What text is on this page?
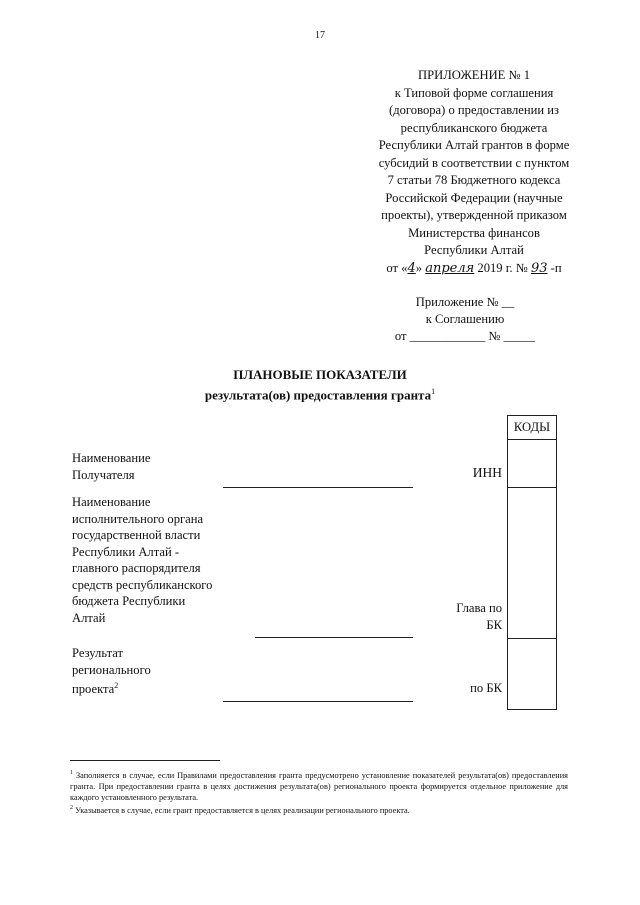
17
ПРИЛОЖЕНИЕ № 1
к Типовой форме соглашения
(договора) о предоставлении из
республиканского бюджета
Республики Алтай грантов в форме
субсидий в соответствии с пунктом
7 статьи 78 Бюджетного кодекса
Российской Федерации (научные
проекты), утвержденной приказом
Министерства финансов
Республики Алтай
от «4» апреля 2019 г. № 93 -п
Приложение № __
к Соглашению
от ____________ № _____
ПЛАНОВЫЕ ПОКАЗАТЕЛИ
результата(ов) предоставления гранта$^1$
КОДЫ
Наименование
Получателя	ИНН
Наименование
исполнительного органа
государственной власти
Республики Алтай -
главного распорядителя
средств республиканского
бюджета Республики
Алтай
Глава по
БК
Результат
регионального
проекта$^2$	по БК

$^1$ Заполняется в случае, если Правилами предоставления гранта предусмотрено установление показателей результата(ов) предоставления гранта. При предоставлении гранта в целях достижения результата(ов) регионального проекта формируется отдельное приложение для каждого установленного результата.

$^2$ Указывается в случае, если грант предоставляется в целях реализации регионального проекта.
